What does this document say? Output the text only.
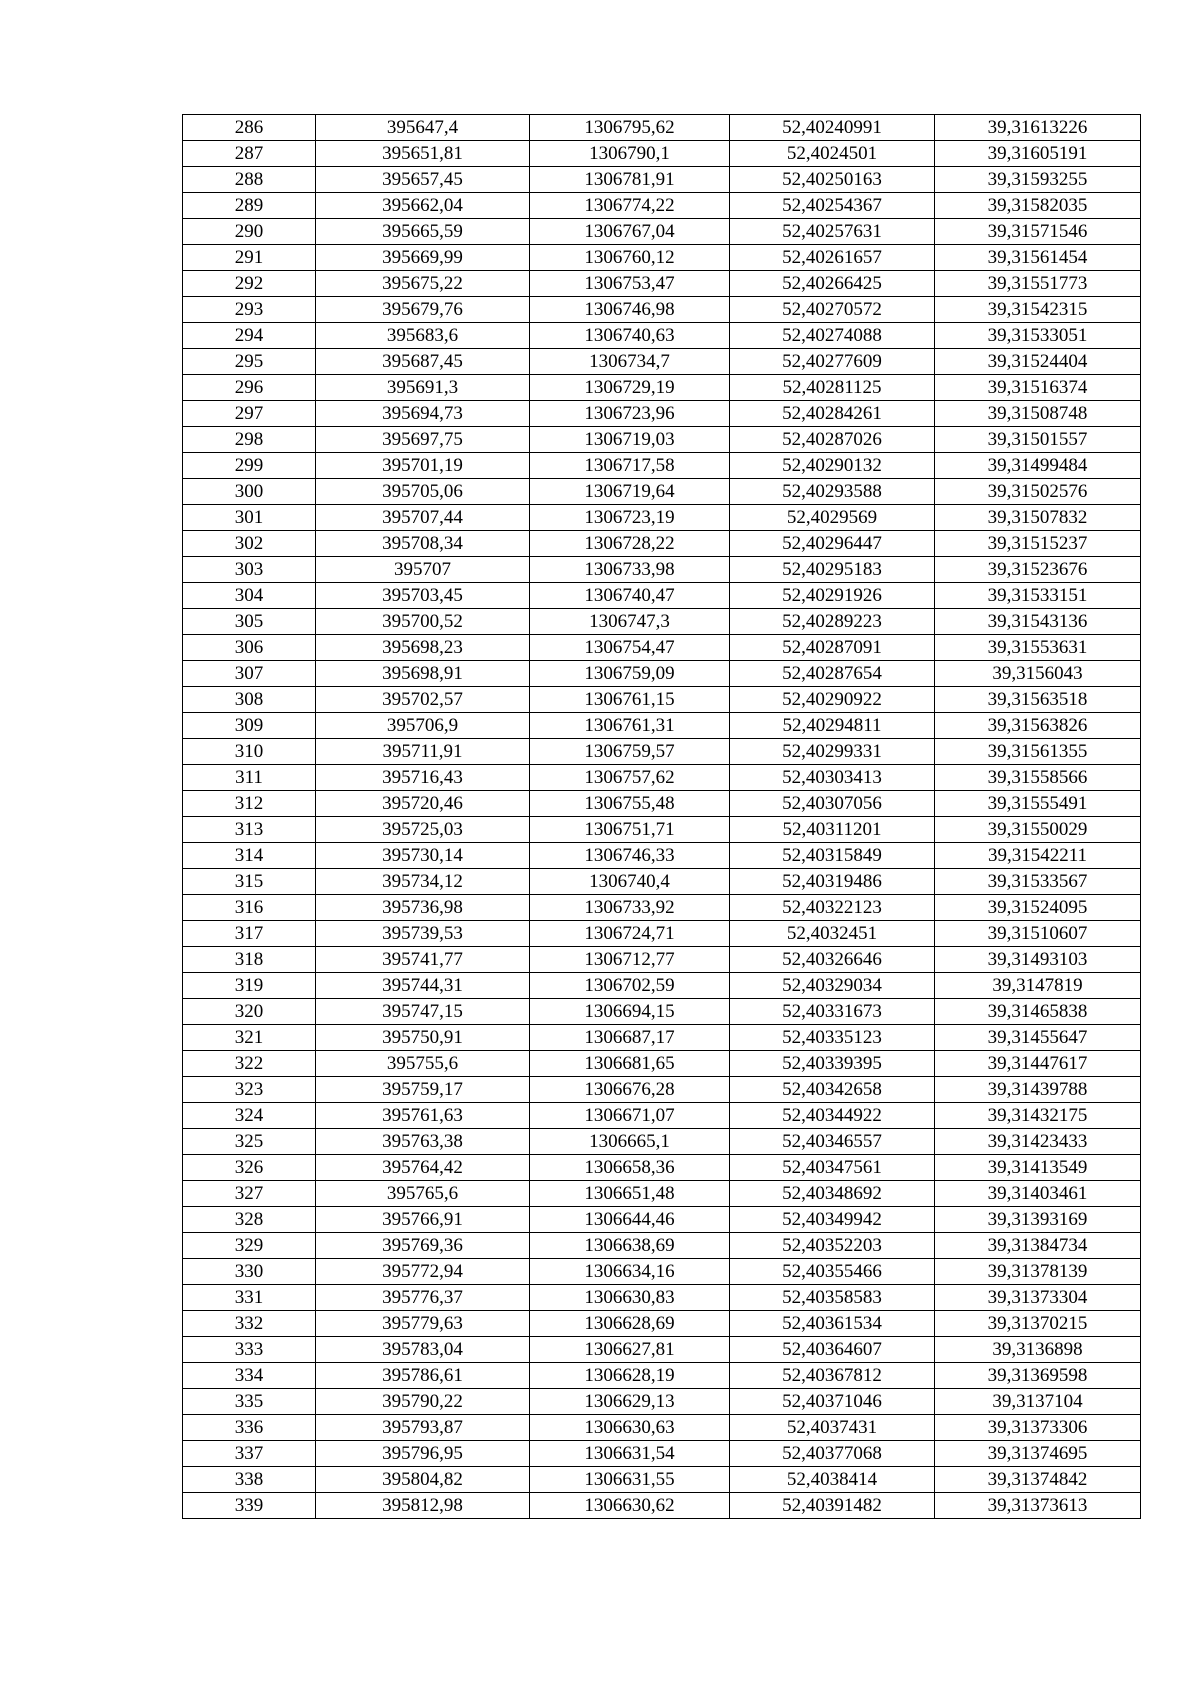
286	395647,4	1306795,62	52,40240991	39,31613226
287	395651,81	1306790,1	52,4024501	39,31605191
288	395657,45	1306781,91	52,40250163	39,31593255
289	395662,04	1306774,22	52,40254367	39,31582035
290	395665,59	1306767,04	52,40257631	39,31571546
291	395669,99	1306760,12	52,40261657	39,31561454
292	395675,22	1306753,47	52,40266425	39,31551773
293	395679,76	1306746,98	52,40270572	39,31542315
294	395683,6	1306740,63	52,40274088	39,31533051
295	395687,45	1306734,7	52,40277609	39,31524404
296	395691,3	1306729,19	52,40281125	39,31516374
297	395694,73	1306723,96	52,40284261	39,31508748
298	395697,75	1306719,03	52,40287026	39,31501557
299	395701,19	1306717,58	52,40290132	39,31499484
300	395705,06	1306719,64	52,40293588	39,31502576
301	395707,44	1306723,19	52,4029569	39,31507832
302	395708,34	1306728,22	52,40296447	39,31515237
303	395707	1306733,98	52,40295183	39,31523676
304	395703,45	1306740,47	52,40291926	39,31533151
305	395700,52	1306747,3	52,40289223	39,31543136
306	395698,23	1306754,47	52,40287091	39,31553631
307	395698,91	1306759,09	52,40287654	39,3156043
308	395702,57	1306761,15	52,40290922	39,31563518
309	395706,9	1306761,31	52,40294811	39,31563826
310	395711,91	1306759,57	52,40299331	39,31561355
311	395716,43	1306757,62	52,40303413	39,31558566
312	395720,46	1306755,48	52,40307056	39,31555491
313	395725,03	1306751,71	52,40311201	39,31550029
314	395730,14	1306746,33	52,40315849	39,31542211
315	395734,12	1306740,4	52,40319486	39,31533567
316	395736,98	1306733,92	52,40322123	39,31524095
317	395739,53	1306724,71	52,4032451	39,31510607
318	395741,77	1306712,77	52,40326646	39,31493103
319	395744,31	1306702,59	52,40329034	39,3147819
320	395747,15	1306694,15	52,40331673	39,31465838
321	395750,91	1306687,17	52,40335123	39,31455647
322	395755,6	1306681,65	52,40339395	39,31447617
323	395759,17	1306676,28	52,40342658	39,31439788
324	395761,63	1306671,07	52,40344922	39,31432175
325	395763,38	1306665,1	52,40346557	39,31423433
326	395764,42	1306658,36	52,40347561	39,31413549
327	395765,6	1306651,48	52,40348692	39,31403461
328	395766,91	1306644,46	52,40349942	39,31393169
329	395769,36	1306638,69	52,40352203	39,31384734
330	395772,94	1306634,16	52,40355466	39,31378139
331	395776,37	1306630,83	52,40358583	39,31373304
332	395779,63	1306628,69	52,40361534	39,31370215
333	395783,04	1306627,81	52,40364607	39,3136898
334	395786,61	1306628,19	52,40367812	39,31369598
335	395790,22	1306629,13	52,40371046	39,3137104
336	395793,87	1306630,63	52,4037431	39,31373306
337	395796,95	1306631,54	52,40377068	39,31374695
338	395804,82	1306631,55	52,4038414	39,31374842
339	395812,98	1306630,62	52,40391482	39,31373613
